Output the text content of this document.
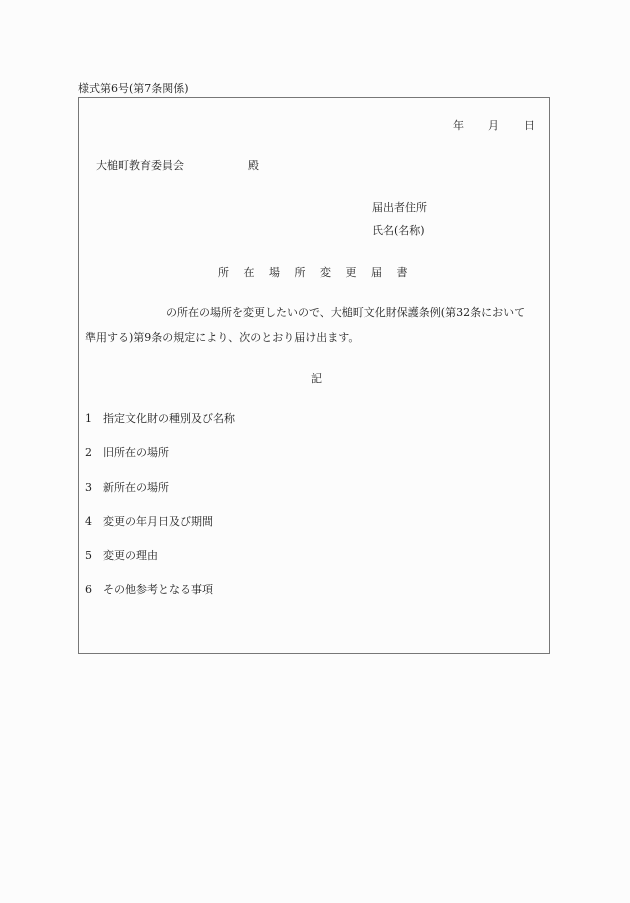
様式第6号(第7条関係)
年 月 日
大槌町教育委員会	殿
届出者住所
氏名(名称)
所 在 場 所 変 更 届 書
の所在の場所を変更したいので、大槌町文化財保護条例(第32条において
準用する)第9条の規定により、次のとおり届け出ます。
記
1 指定文化財の種別及び名称
2 旧所在の場所
3 新所在の場所
4 変更の年月日及び期間
5 変更の理由
6 その他参考となる事項
